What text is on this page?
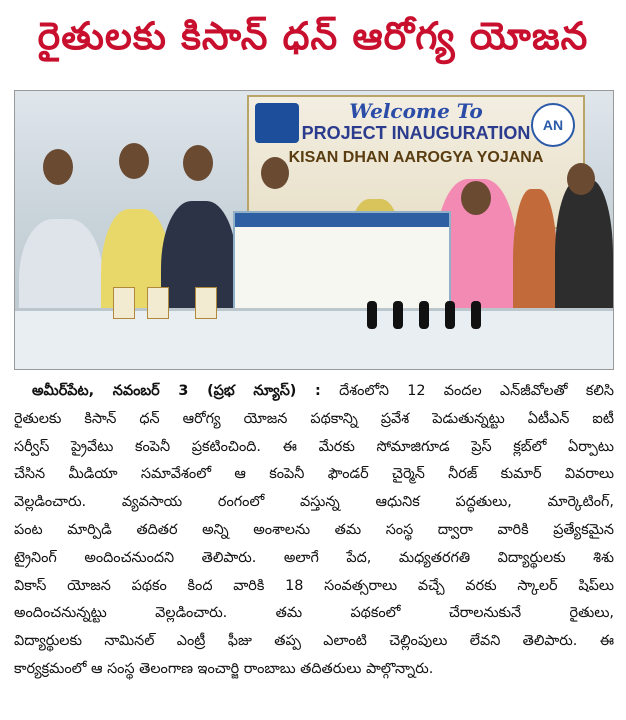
రైతులకు కిసాన్ ధన్ ఆరోగ్య యోజన
AN
Welcome To
PROJECT INAUGURATION
KISAN DHAN AAROGYA YOJANA
అమీర్‌పేట, నవంబర్ 3 (ప్రభ న్యూస్) : దేశంలోని 12 వందల ఎన్‌జీవోలతో కలిసి
రైతులకు కిసాన్ ధన్ ఆరోగ్య యోజన పథకాన్ని ప్రవేశ పెడుతున్నట్టు ఏటీఎన్ ఐటీ
సర్వీస్ ప్రైవేటు కంపెనీ ప్రకటించింది. ఈ మేరకు సోమాజిగూడ ప్రెస్ క్లబ్‌లో ఏర్పాటు
చేసిన మీడియా సమావేశంలో ఆ కంపెనీ ఫౌండర్ చైర్మెన్ నీరజ్ కుమార్ వివరాలు
వెల్లడించారు. వ్యవసాయ రంగంలో వస్తున్న ఆధునిక పద్ధతులు, మార్కెటింగ్,
పంట మార్పిడి తదితర అన్ని అంశాలను తమ సంస్థ ద్వారా వారికి ప్రత్యేకమైన
ట్రైనింగ్ అందించనుందని తెలిపారు. అలాగే పేద, మధ్యతరగతి విద్యార్థులకు శిశు
వికాస్ యోజన పథకం కింద వారికి 18 సంవత్సరాలు వచ్చే వరకు స్కాలర్ షిప్‌లు
అందించనున్నట్టు వెల్లడించారు. తమ పథకంలో చేరాలనుకునే రైతులు,
విద్యార్థులకు నామినల్ ఎంట్రీ ఫీజు తప్ప ఎలాంటి చెల్లింపులు లేవని తెలిపారు. ఈ
కార్యక్రమంలో ఆ సంస్థ తెలంగాణ ఇంచార్జి రాంబాబు తదితరులు పాల్గొన్నారు.
